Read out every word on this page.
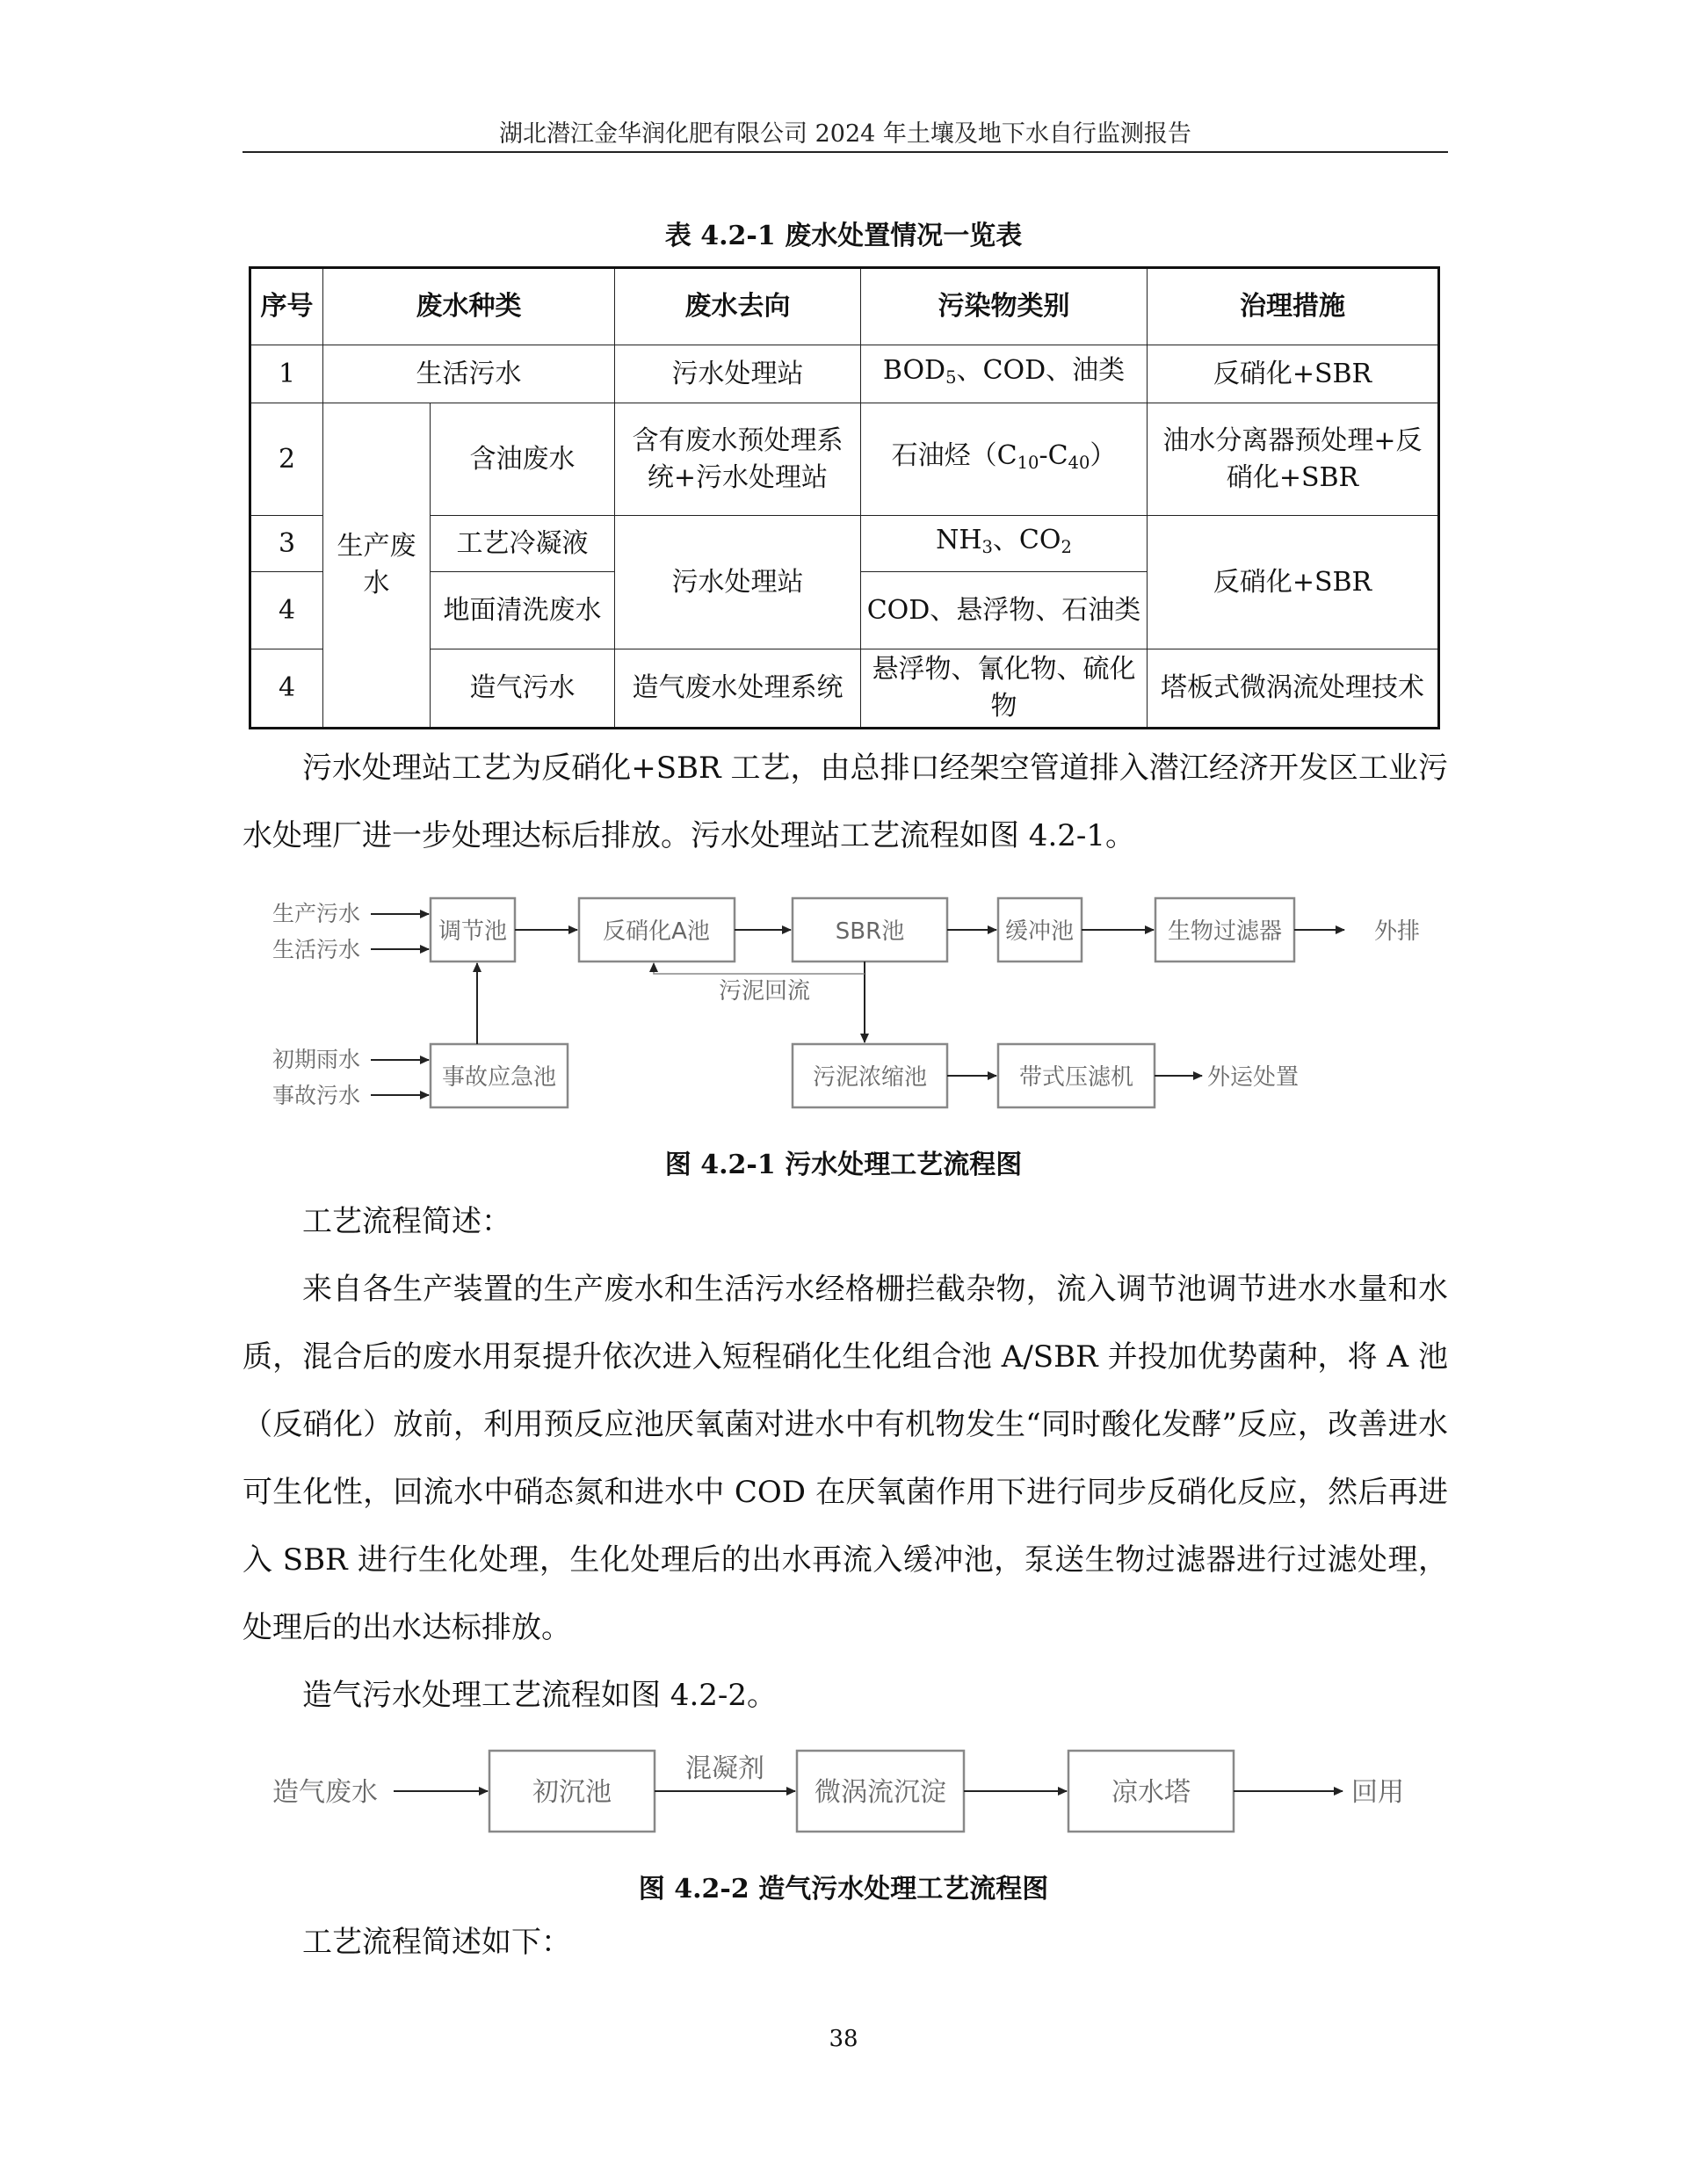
湖北潜江金华润化肥有限公司 2024 年土壤及地下水自行监测报告
表 4.2-1 废水处置情况一览表
序号	废水种类		废水去向	污染物类别	治理措施
1	生活污水		污水处理站	$BOD_5$、COD、油类	反硝化+SBR
2	生产废水	含油废水	含有废水预处理系统+污水处理站	石油烃$(C_{10}-C_{40})$	油水分离器预处理+反硝化+SBR
3		工艺冷凝液	污水处理站	$NH_3$、$CO_2$	反硝化+SBR
4		地面清洗废水		COD、悬浮物、石油类	
4		造气污水	造气废水处理系统	悬浮物、氰化物、硫化物	塔板式微涡流处理技术
污水处理站工艺为反硝化+SBR 工艺，由总排口经架空管道排入潜江经济开发区工业污水处理厂进一步处理达标后排放。污水处理站工艺流程如图 4.2-1。
调节池	反硝化A池	SBR池	缓冲池	生物过滤器
事故应急池	污泥浓缩池	带式压滤机
外排
外运处置
污泥回流
生产污水
生活污水
初期雨水
事故污水
图 4.2-1 污水处理工艺流程图
工艺流程简述：
来自各生产装置的生产废水和生活污水经格栅拦截杂物，流入调节池调节进水水量和水质，混合后的废水用泵提升依次进入短程硝化生化组合池 A/SBR 并投加优势菌种，将 A 池（反硝化）放前，利用预反应池厌氧菌对进水中有机物发生“同时酸化发酵”反应，改善进水可生化性，回流水中硝态氮和进水中 COD 在厌氧菌作用下进行同步反硝化反应，然后再进入 SBR 进行生化处理，生化处理后的出水再流入缓冲池，泵送生物过滤器进行过滤处理，处理后的出水达标排放。
造气污水处理工艺流程如图 4.2-2。
初沉池	微涡流沉淀	凉水塔
混凝剂
回用
造气废水
图 4.2-2 造气污水处理工艺流程图
工艺流程简述如下：
38
